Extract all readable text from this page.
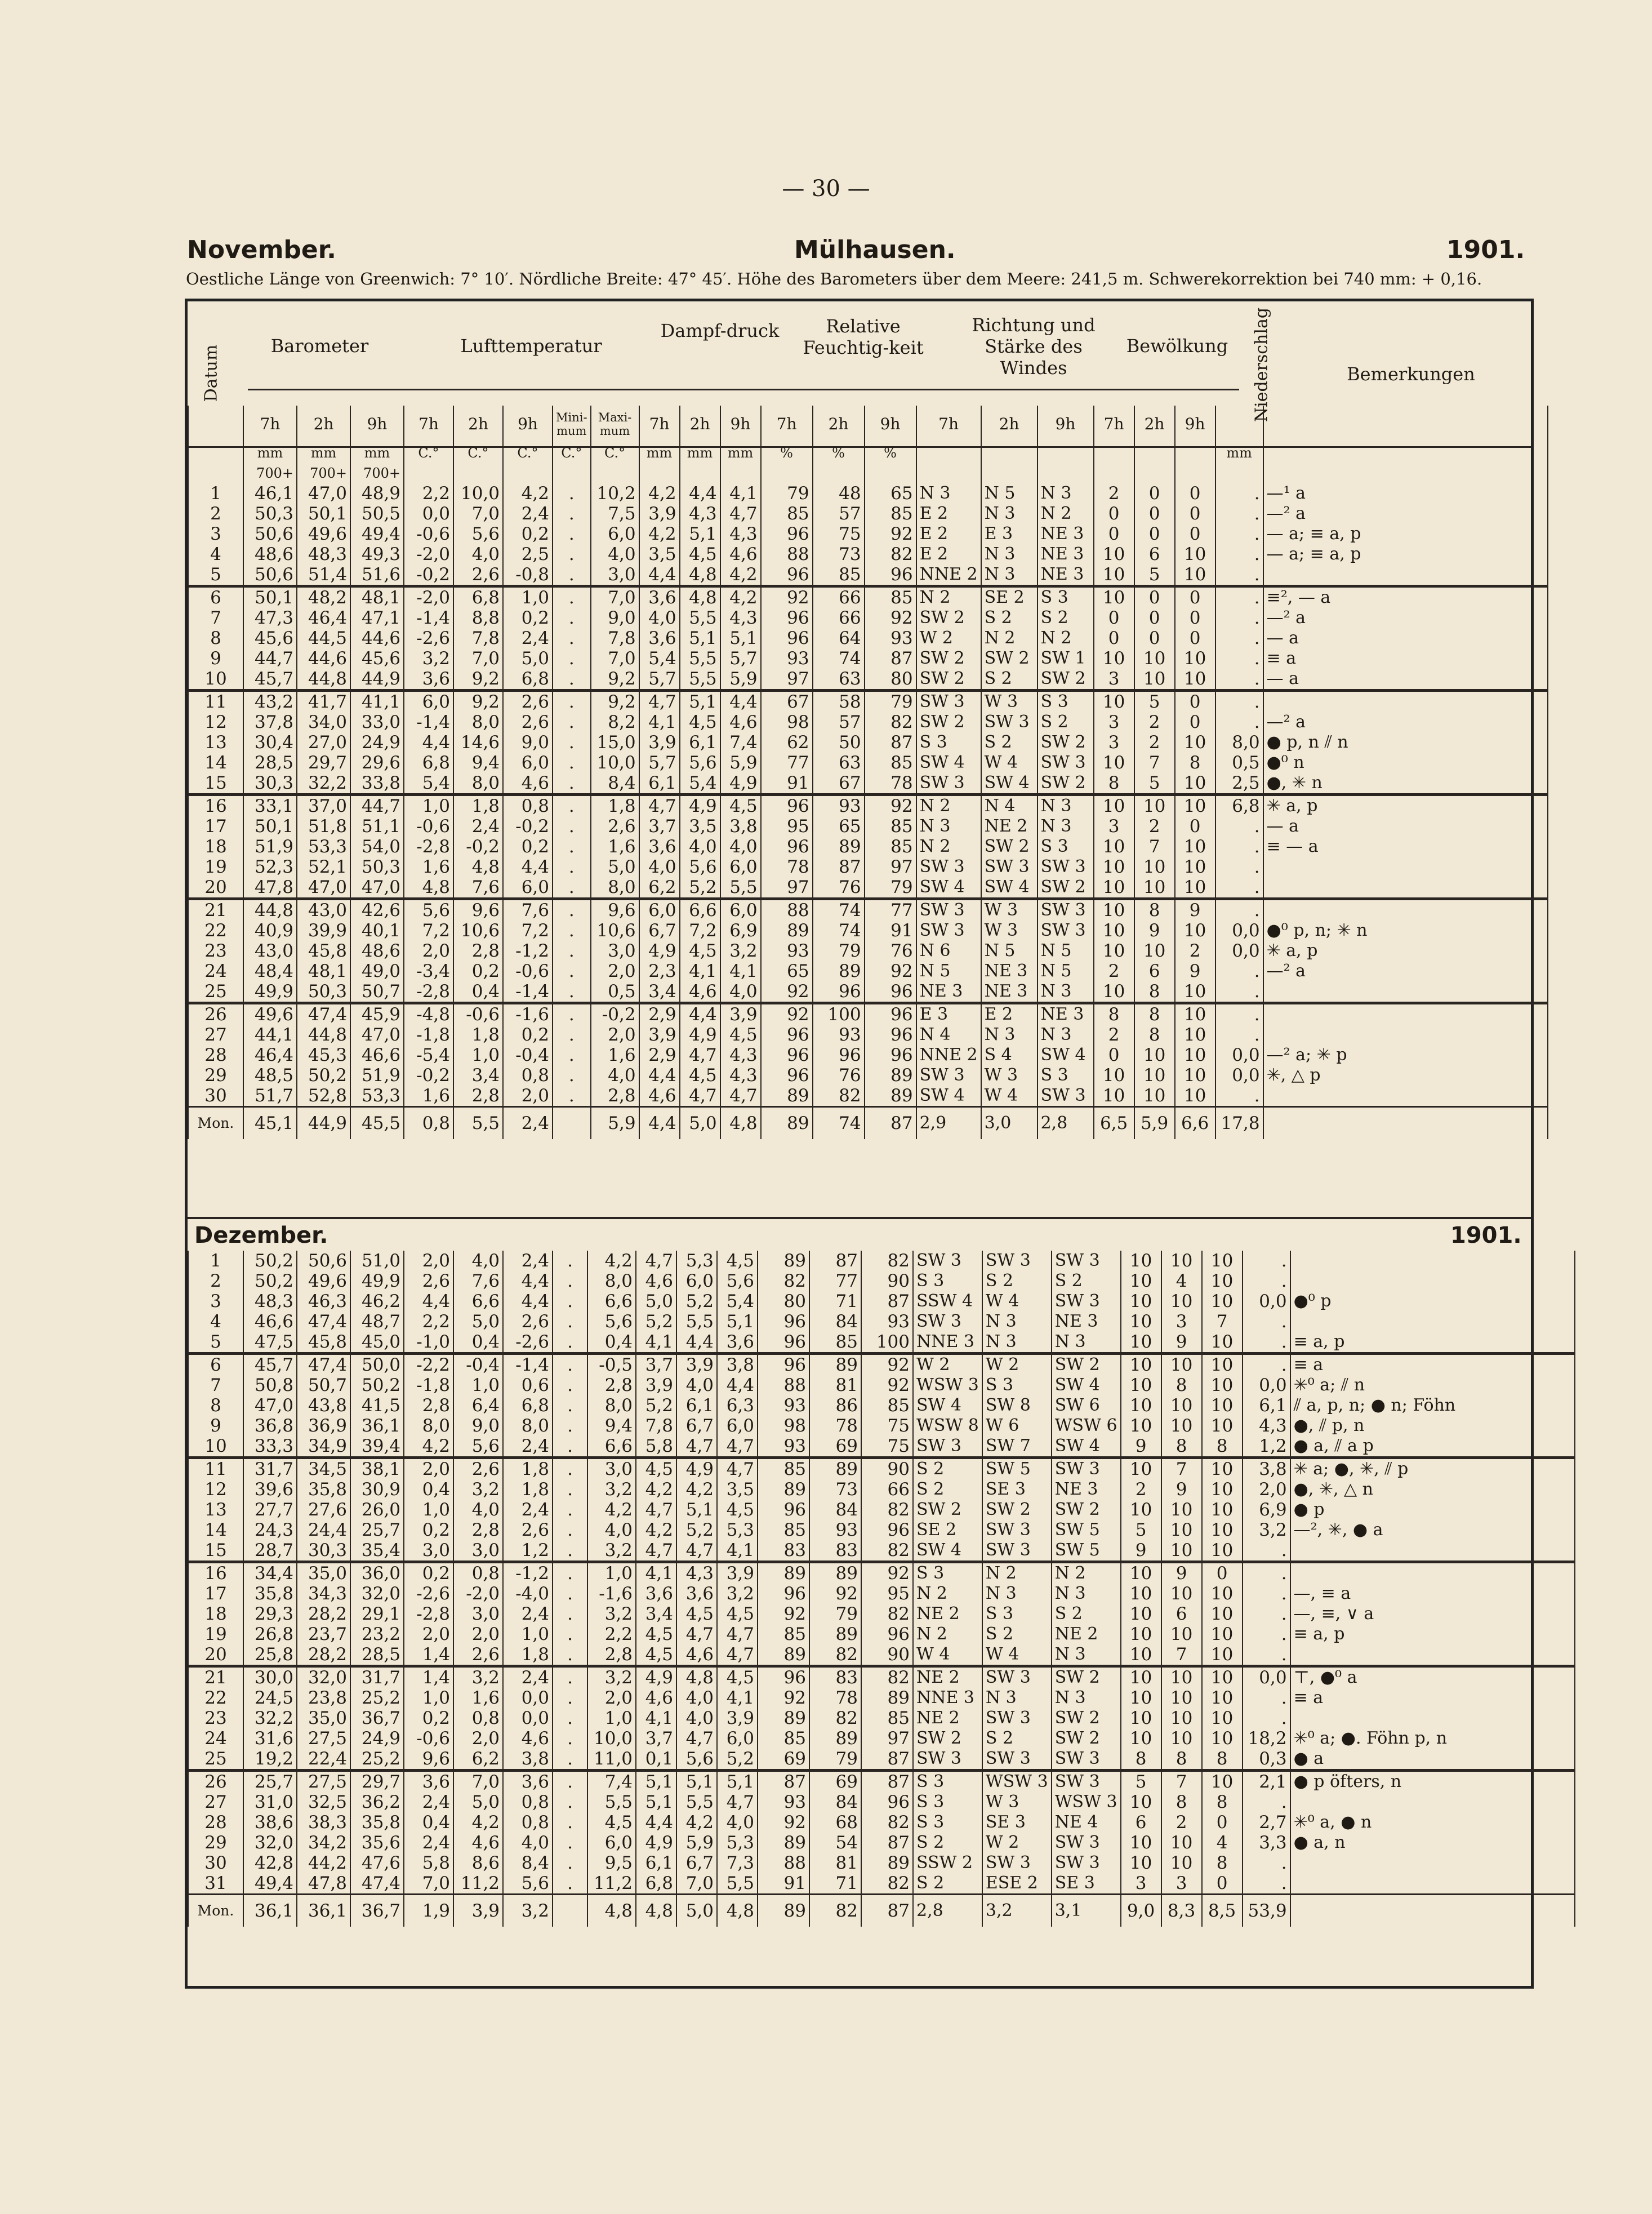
— 30 —
November.	Mülhausen.	1901.
Oestliche Länge von Greenwich: 7° 10′. Nördliche Breite: 47° 45′. Höhe des Barometers über dem Meere: 241,5 m. Schwerekorrektion bei 740 mm: + 0,16.
Datum	Barometer	Lufttemperatur
Dampf-druck	Relative Feuchtig-keit
Richtung und Stärke des Windes
Bewölkung	Niederschlag	Bemerkungen
	7h	2h	9h	7h	2h	9h	Mini-mum	Maxi-mum	7h	2h	9h	7h	2h	9h	7h	2h	9h	7h	2h	9h		
	mm	mm	mm	C.°	C.°	C.°	C.°	C.°	mm	mm	mm	%	%	%							mm	
	700+	700+	700+																			
1	46,1	47,0	48,9	2,2	10,0	4,2	.	10,2	4,2	4,4	4,1	79	48	65	N 3	N 5	N 3	2	0	0	.	—¹ a
2	50,3	50,1	50,5	0,0	7,0	2,4	.	7,5	3,9	4,3	4,7	85	57	85	E 2	N 3	N 2	0	0	0	.	—² a
3	50,6	49,6	49,4	-0,6	5,6	0,2	.	6,0	4,2	5,1	4,3	96	75	92	E 2	E 3	NE 3	0	0	0	.	— a; ≡ a, p
4	48,6	48,3	49,3	-2,0	4,0	2,5	.	4,0	3,5	4,5	4,6	88	73	82	E 2	N 3	NE 3	10	6	10	.	— a; ≡ a, p
5	50,6	51,4	51,6	-0,2	2,6	-0,8	.	3,0	4,4	4,8	4,2	96	85	96	NNE 2	N 3	NE 3	10	5	10	.	
6	50,1	48,2	48,1	-2,0	6,8	1,0	.	7,0	3,6	4,8	4,2	92	66	85	N 2	SE 2	S 3	10	0	0	.	≡², — a
7	47,3	46,4	47,1	-1,4	8,8	0,2	.	9,0	4,0	5,5	4,3	96	66	92	SW 2	S 2	S 2	0	0	0	.	—² a
8	45,6	44,5	44,6	-2,6	7,8	2,4	.	7,8	3,6	5,1	5,1	96	64	93	W 2	N 2	N 2	0	0	0	.	— a
9	44,7	44,6	45,6	3,2	7,0	5,0	.	7,0	5,4	5,5	5,7	93	74	87	SW 2	SW 2	SW 1	10	10	10	.	≡ a
10	45,7	44,8	44,9	3,6	9,2	6,8	.	9,2	5,7	5,5	5,9	97	63	80	SW 2	S 2	SW 2	3	10	10	.	— a
11	43,2	41,7	41,1	6,0	9,2	2,6	.	9,2	4,7	5,1	4,4	67	58	79	SW 3	W 3	S 3	10	5	0	.	
12	37,8	34,0	33,0	-1,4	8,0	2,6	.	8,2	4,1	4,5	4,6	98	57	82	SW 2	SW 3	S 2	3	2	0	.	—² a
13	30,4	27,0	24,9	4,4	14,6	9,0	.	15,0	3,9	6,1	7,4	62	50	87	S 3	S 2	SW 2	3	2	10	8,0	● p, n ⫽ n
14	28,5	29,7	29,6	6,8	9,4	6,0	.	10,0	5,7	5,6	5,9	77	63	85	SW 4	W 4	SW 3	10	7	8	0,5	●⁰ n
15	30,3	32,2	33,8	5,4	8,0	4,6	.	8,4	6,1	5,4	4,9	91	67	78	SW 3	SW 4	SW 2	8	5	10	2,5	●, ✳ n
16	33,1	37,0	44,7	1,0	1,8	0,8	.	1,8	4,7	4,9	4,5	96	93	92	N 2	N 4	N 3	10	10	10	6,8	✳ a, p
17	50,1	51,8	51,1	-0,6	2,4	-0,2	.	2,6	3,7	3,5	3,8	95	65	85	N 3	NE 2	N 3	3	2	0	.	— a
18	51,9	53,3	54,0	-2,8	-0,2	0,2	.	1,6	3,6	4,0	4,0	96	89	85	N 2	SW 2	S 3	10	7	10	.	≡ — a
19	52,3	52,1	50,3	1,6	4,8	4,4	.	5,0	4,0	5,6	6,0	78	87	97	SW 3	SW 3	SW 3	10	10	10	.	
20	47,8	47,0	47,0	4,8	7,6	6,0	.	8,0	6,2	5,2	5,5	97	76	79	SW 4	SW 4	SW 2	10	10	10	.	
21	44,8	43,0	42,6	5,6	9,6	7,6	.	9,6	6,0	6,6	6,0	88	74	77	SW 3	W 3	SW 3	10	8	9	.	
22	40,9	39,9	40,1	7,2	10,6	7,2	.	10,6	6,7	7,2	6,9	89	74	91	SW 3	W 3	SW 3	10	9	10	0,0	●⁰ p, n; ✳ n
23	43,0	45,8	48,6	2,0	2,8	-1,2	.	3,0	4,9	4,5	3,2	93	79	76	N 6	N 5	N 5	10	10	2	0,0	✳ a, p
24	48,4	48,1	49,0	-3,4	0,2	-0,6	.	2,0	2,3	4,1	4,1	65	89	92	N 5	NE 3	N 5	2	6	9	.	—² a
25	49,9	50,3	50,7	-2,8	0,4	-1,4	.	0,5	3,4	4,6	4,0	92	96	96	NE 3	NE 3	N 3	10	8	10	.	
26	49,6	47,4	45,9	-4,8	-0,6	-1,6	.	-0,2	2,9	4,4	3,9	92	100	96	E 3	E 2	NE 3	8	8	10	.	
27	44,1	44,8	47,0	-1,8	1,8	0,2	.	2,0	3,9	4,9	4,5	96	93	96	N 4	N 3	N 3	2	8	10	.	
28	46,4	45,3	46,6	-5,4	1,0	-0,4	.	1,6	2,9	4,7	4,3	96	96	96	NNE 2	S 4	SW 4	0	10	10	0,0	—² a; ✳ p
29	48,5	50,2	51,9	-0,2	3,4	0,8	.	4,0	4,4	4,5	4,3	96	76	89	SW 3	W 3	S 3	10	10	10	0,0	✳, △ p
30	51,7	52,8	53,3	1,6	2,8	2,0	.	2,8	4,6	4,7	4,7	89	82	89	SW 4	W 4	SW 3	10	10	10	.	
Mon.	45,1	44,9	45,5	0,8	5,5	2,4		5,9	4,4	5,0	4,8	89	74	87	2,9	3,0	2,8	6,5	5,9	6,6	17,8	
Dezember.	1901.
1	50,2	50,6	51,0	2,0	4,0	2,4	.	4,2	4,7	5,3	4,5	89	87	82	SW 3	SW 3	SW 3	10	10	10	.	
2	50,2	49,6	49,9	2,6	7,6	4,4	.	8,0	4,6	6,0	5,6	82	77	90	S 3	S 2	S 2	10	4	10	.	
3	48,3	46,3	46,2	4,4	6,6	4,4	.	6,6	5,0	5,2	5,4	80	71	87	SSW 4	W 4	SW 3	10	10	10	0,0	●⁰ p
4	46,6	47,4	48,7	2,2	5,0	2,6	.	5,6	5,2	5,5	5,1	96	84	93	SW 3	N 3	NE 3	10	3	7	.	
5	47,5	45,8	45,0	-1,0	0,4	-2,6	.	0,4	4,1	4,4	3,6	96	85	100	NNE 3	N 3	N 3	10	9	10	.	≡ a, p
6	45,7	47,4	50,0	-2,2	-0,4	-1,4	.	-0,5	3,7	3,9	3,8	96	89	92	W 2	W 2	SW 2	10	10	10	.	≡ a
7	50,8	50,7	50,2	-1,8	1,0	0,6	.	2,8	3,9	4,0	4,4	88	81	92	WSW 3	S 3	SW 4	10	8	10	0,0	✳⁰ a; ⫽ n
8	47,0	43,8	41,5	2,8	6,4	6,8	.	8,0	5,2	6,1	6,3	93	86	85	SW 4	SW 8	SW 6	10	10	10	6,1	⫽ a, p, n; ● n; Föhn
9	36,8	36,9	36,1	8,0	9,0	8,0	.	9,4	7,8	6,7	6,0	98	78	75	WSW 8	W 6	WSW 6	10	10	10	4,3	●, ⫽ p, n
10	33,3	34,9	39,4	4,2	5,6	2,4	.	6,6	5,8	4,7	4,7	93	69	75	SW 3	SW 7	SW 4	9	8	8	1,2	● a, ⫽ a p
11	31,7	34,5	38,1	2,0	2,6	1,8	.	3,0	4,5	4,9	4,7	85	89	90	S 2	SW 5	SW 3	10	7	10	3,8	✳ a; ●, ✳, ⫽ p
12	39,6	35,8	30,9	0,4	3,2	1,8	.	3,2	4,2	4,2	3,5	89	73	66	S 2	SE 3	NE 3	2	9	10	2,0	●, ✳, △ n
13	27,7	27,6	26,0	1,0	4,0	2,4	.	4,2	4,7	5,1	4,5	96	84	82	SW 2	SW 2	SW 2	10	10	10	6,9	● p
14	24,3	24,4	25,7	0,2	2,8	2,6	.	4,0	4,2	5,2	5,3	85	93	96	SE 2	SW 3	SW 5	5	10	10	3,2	—², ✳, ● a
15	28,7	30,3	35,4	3,0	3,0	1,2	.	3,2	4,7	4,7	4,1	83	83	82	SW 4	SW 3	SW 5	9	10	10	.	
16	34,4	35,0	36,0	0,2	0,8	-1,2	.	1,0	4,1	4,3	3,9	89	89	92	S 3	N 2	N 2	10	9	0	.	
17	35,8	34,3	32,0	-2,6	-2,0	-4,0	.	-1,6	3,6	3,6	3,2	96	92	95	N 2	N 3	N 3	10	10	10	.	—, ≡ a
18	29,3	28,2	29,1	-2,8	3,0	2,4	.	3,2	3,4	4,5	4,5	92	79	82	NE 2	S 3	S 2	10	6	10	.	—, ≡, ∨ a
19	26,8	23,7	23,2	2,0	2,0	1,0	.	2,2	4,5	4,7	4,7	85	89	96	N 2	S 2	NE 2	10	10	10	.	≡ a, p
20	25,8	28,2	28,5	1,4	2,6	1,8	.	2,8	4,5	4,6	4,7	89	82	90	W 4	W 4	N 3	10	7	10	.	
21	30,0	32,0	31,7	1,4	3,2	2,4	.	3,2	4,9	4,8	4,5	96	83	82	NE 2	SW 3	SW 2	10	10	10	0,0	⊤, ●⁰ a
22	24,5	23,8	25,2	1,0	1,6	0,0	.	2,0	4,6	4,0	4,1	92	78	89	NNE 3	N 3	N 3	10	10	10	.	≡ a
23	32,2	35,0	36,7	0,2	0,8	0,0	.	1,0	4,1	4,0	3,9	89	82	85	NE 2	SW 3	SW 2	10	10	10	.	
24	31,6	27,5	24,9	-0,6	2,0	4,6	.	10,0	3,7	4,7	6,0	85	89	97	SW 2	S 2	SW 2	10	10	10	18,2	✳⁰ a; ●. Föhn p, n
25	19,2	22,4	25,2	9,6	6,2	3,8	.	11,0	0,1	5,6	5,2	69	79	87	SW 3	SW 3	SW 3	8	8	8	0,3	● a
26	25,7	27,5	29,7	3,6	7,0	3,6	.	7,4	5,1	5,1	5,1	87	69	87	S 3	WSW 3	SW 3	5	7	10	2,1	● p öfters, n
27	31,0	32,5	36,2	2,4	5,0	0,8	.	5,5	5,1	5,5	4,7	93	84	96	S 3	W 3	WSW 3	10	8	8	.	
28	38,6	38,3	35,8	0,4	4,2	0,8	.	4,5	4,4	4,2	4,0	92	68	82	S 3	SE 3	NE 4	6	2	0	2,7	✳⁰ a, ● n
29	32,0	34,2	35,6	2,4	4,6	4,0	.	6,0	4,9	5,9	5,3	89	54	87	S 2	W 2	SW 3	10	10	4	3,3	● a, n
30	42,8	44,2	47,6	5,8	8,6	8,4	.	9,5	6,1	6,7	7,3	88	81	89	SSW 2	SW 3	SW 3	10	10	8	.	
31	49,4	47,8	47,4	7,0	11,2	5,6	.	11,2	6,8	7,0	5,5	91	71	82	S 2	ESE 2	SE 3	3	3	0	.	
Mon.	36,1	36,1	36,7	1,9	3,9	3,2		4,8	4,8	5,0	4,8	89	82	87	2,8	3,2	3,1	9,0	8,3	8,5	53,9	
